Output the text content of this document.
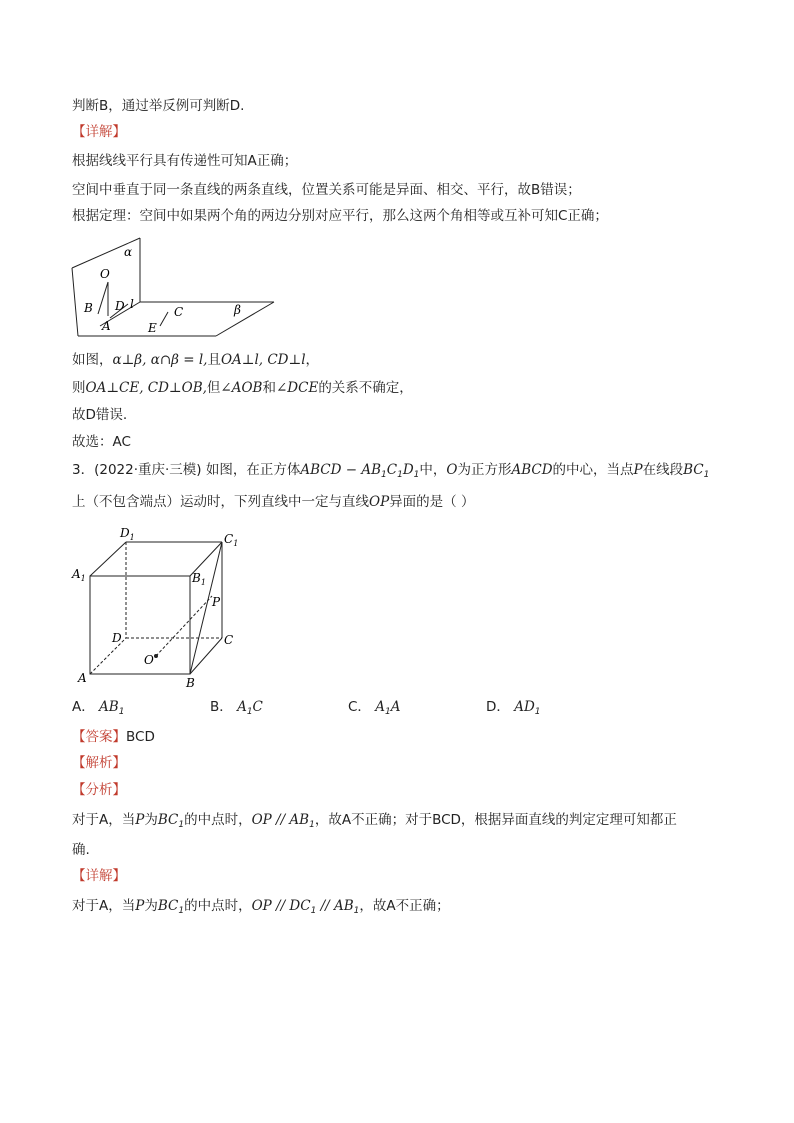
判断B，通过举反例可判断D.
【详解】
根据线线平行具有传递性可知A正确；
空间中垂直于同一条直线的两条直线，位置关系可能是异面、相交、平行，故B错误；
根据定理：空间中如果两个角的两边分别对应平行，那么这两个角相等或互补可知C正确；
α
O
B D l
A
C	β
E
如图，α⊥β, α∩β = l,且OA⊥l, CD⊥l，
则OA⊥CE, CD⊥OB,但∠AOB和∠DCE的关系不确定，
故D错误.
故选：AC
3．(2022·重庆·三模) 如图，在正方体ABCD − $AB_1C_1D_1$中，O为正方形ABCD的中心，当点P在线段$BC_1$
上（不包含端点）运动时，下列直线中一定与直线OP异面的是（ ）
$D_1$	$C_1$
$A_1$	$B_1$
P
D	C
O
A	B
A． $AB_1$	B． $A_1C$	C． $A_1A$	D． $AD_1$
【答案】BCD
【解析】
【分析】
对于A，当P为$BC_1$的中点时，OP // $AB_1$，故A不正确；对于BCD，根据异面直线的判定定理可知都正
确.
【详解】
对于A，当P为$BC_1$的中点时，OP // $DC_1 // AB_1$，故A不正确；
